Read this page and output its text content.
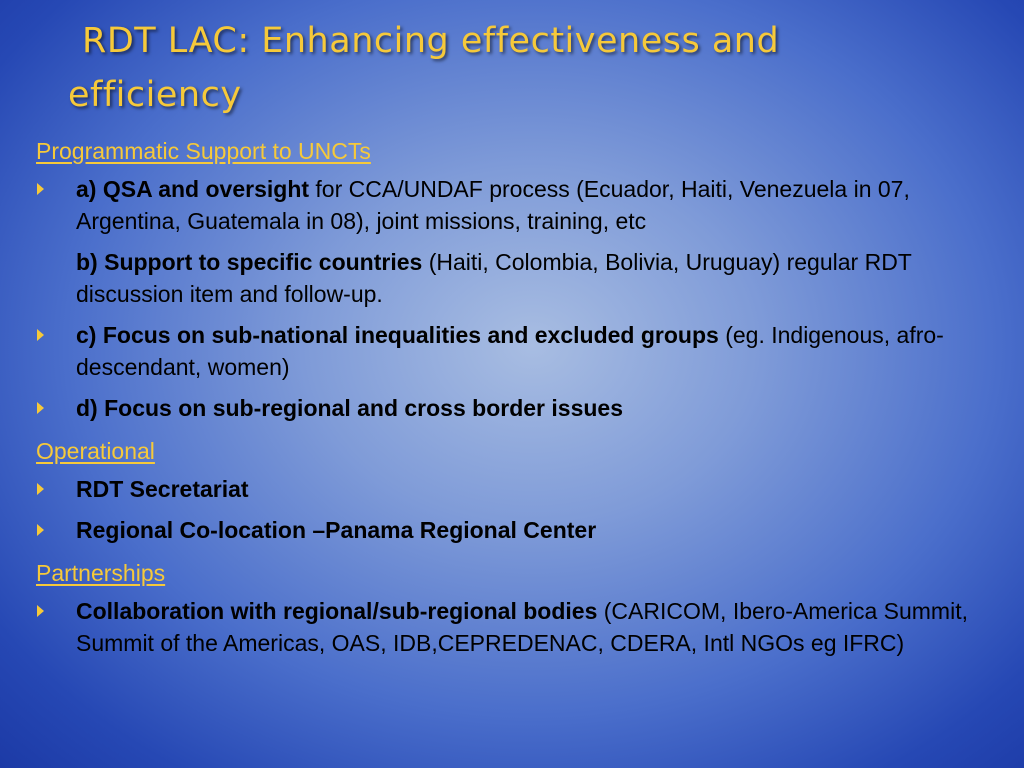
RDT LAC: Enhancing effectiveness and
efficiency
Programmatic Support to UNCTs
a) QSA and oversight for CCA/UNDAF process (Ecuador, Haiti, Venezuela in 07, Argentina, Guatemala in 08), joint missions, training, etc
b) Support to specific countries (Haiti, Colombia, Bolivia, Uruguay) regular RDT discussion item and follow-up.
c) Focus on sub-national inequalities and excluded groups (eg. Indigenous, afro-descendant, women)
d) Focus on sub-regional and cross border issues
Operational
RDT Secretariat
Regional Co-location –Panama Regional Center
Partnerships
Collaboration with regional/sub-regional bodies (CARICOM, Ibero-America Summit, Summit of the Americas, OAS, IDB,CEPREDENAC, CDERA, Intl NGOs eg IFRC)
